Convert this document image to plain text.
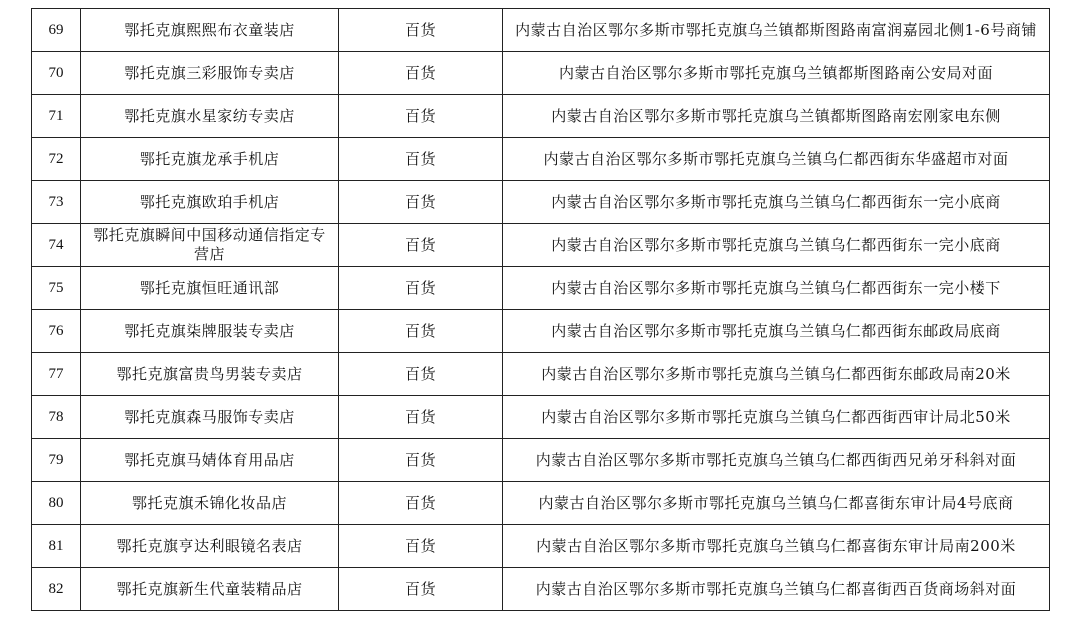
69	鄂托克旗熙熙布衣童装店	百货	内蒙古自治区鄂尔多斯市鄂托克旗乌兰镇都斯图路南富润嘉园北侧1-6号商铺
70	鄂托克旗三彩服饰专卖店	百货	内蒙古自治区鄂尔多斯市鄂托克旗乌兰镇都斯图路南公安局对面
71	鄂托克旗水星家纺专卖店	百货	内蒙古自治区鄂尔多斯市鄂托克旗乌兰镇都斯图路南宏刚家电东侧
72	鄂托克旗龙承手机店	百货	内蒙古自治区鄂尔多斯市鄂托克旗乌兰镇乌仁都西街东华盛超市对面
73	鄂托克旗欧珀手机店	百货	内蒙古自治区鄂尔多斯市鄂托克旗乌兰镇乌仁都西街东一完小底商
74	鄂托克旗瞬间中国移动通信指定专营店	百货	内蒙古自治区鄂尔多斯市鄂托克旗乌兰镇乌仁都西街东一完小底商
75	鄂托克旗恒旺通讯部	百货	内蒙古自治区鄂尔多斯市鄂托克旗乌兰镇乌仁都西街东一完小楼下
76	鄂托克旗柒牌服装专卖店	百货	内蒙古自治区鄂尔多斯市鄂托克旗乌兰镇乌仁都西街东邮政局底商
77	鄂托克旗富贵鸟男装专卖店	百货	内蒙古自治区鄂尔多斯市鄂托克旗乌兰镇乌仁都西街东邮政局南20米
78	鄂托克旗森马服饰专卖店	百货	内蒙古自治区鄂尔多斯市鄂托克旗乌兰镇乌仁都西街西审计局北50米
79	鄂托克旗马婧体育用品店	百货	内蒙古自治区鄂尔多斯市鄂托克旗乌兰镇乌仁都西街西兄弟牙科斜对面
80	鄂托克旗禾锦化妆品店	百货	内蒙古自治区鄂尔多斯市鄂托克旗乌兰镇乌仁都喜街东审计局4号底商
81	鄂托克旗亨达利眼镜名表店	百货	内蒙古自治区鄂尔多斯市鄂托克旗乌兰镇乌仁都喜街东审计局南200米
82	鄂托克旗新生代童装精品店	百货	内蒙古自治区鄂尔多斯市鄂托克旗乌兰镇乌仁都喜街西百货商场斜对面
